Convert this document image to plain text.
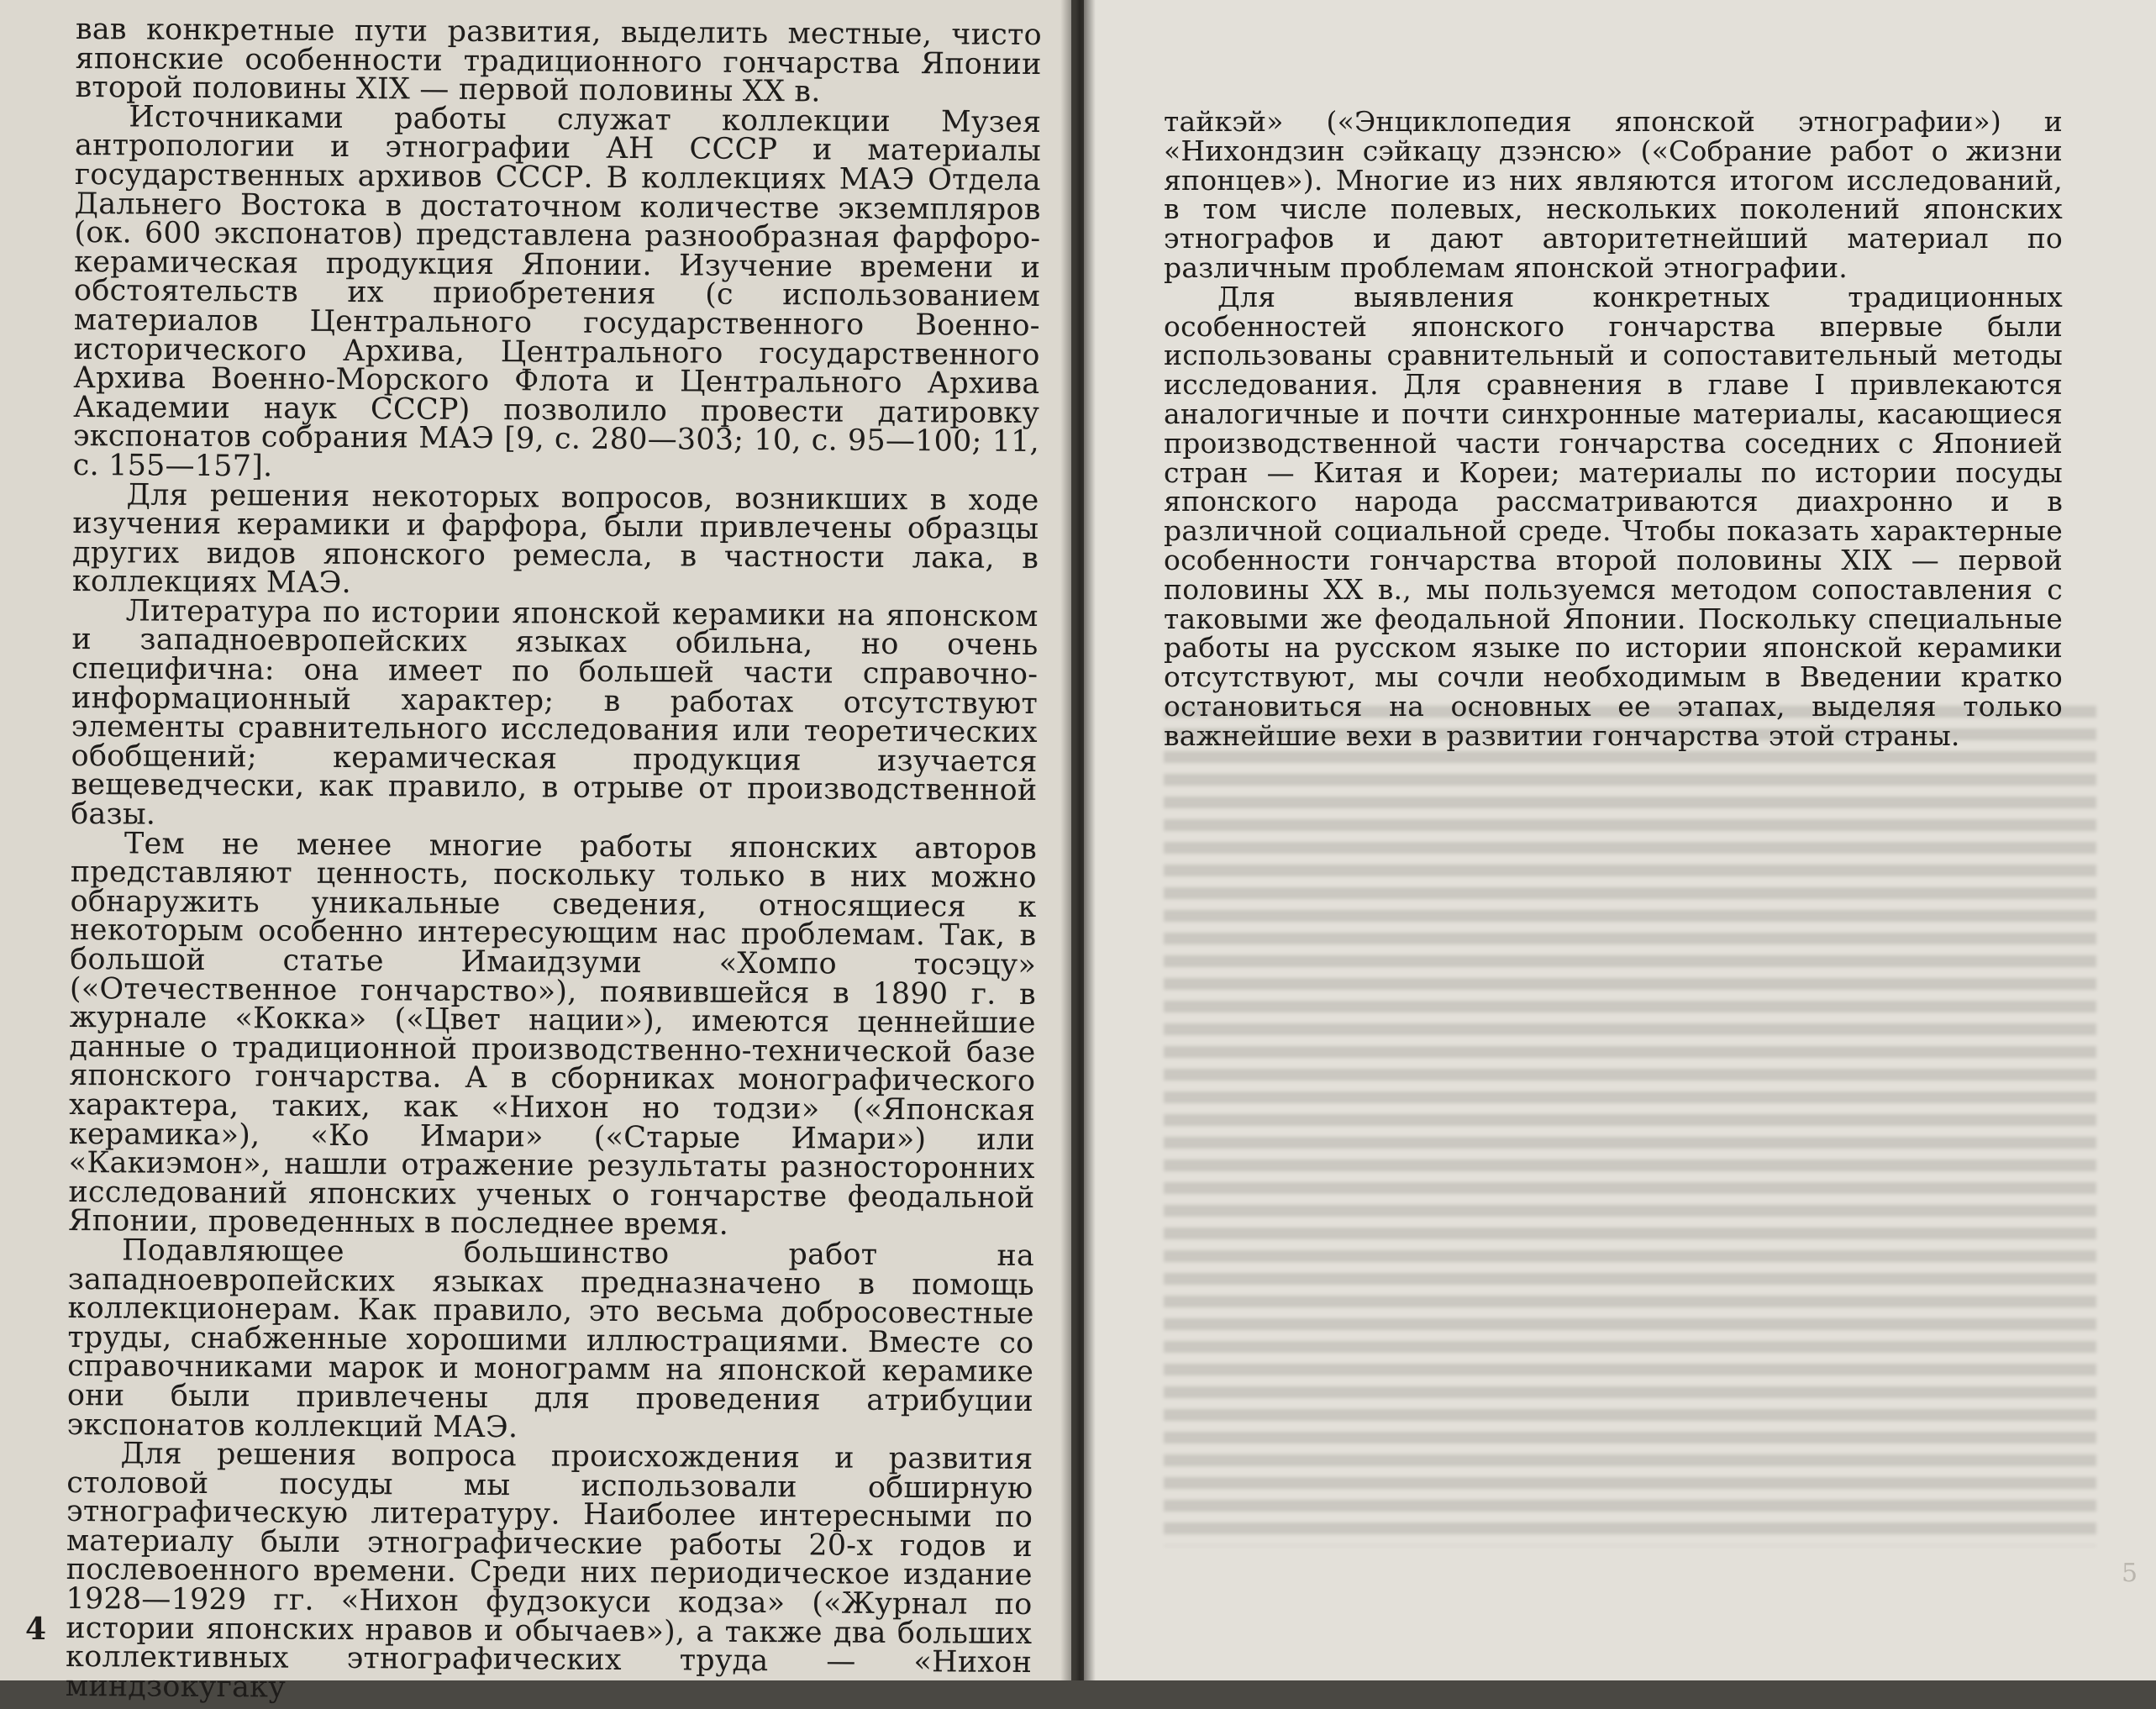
вав конкретные пути развития, выделить местные, чисто японские особенности традиционного гончарства Японии второй половины XIX — первой половины XX в.

Источниками работы служат коллекции Музея антропологии и этнографии АН СССР и материалы государственных архивов СССР. В коллекциях МАЭ Отдела Дальнего Востока в достаточном количестве экземпляров (ок. 600 экспонатов) представлена разнообразная фарфоро-керамическая продукция Японии. Изучение времени и обстоятельств их приобретения (с использованием материалов Центрального государственного Военно-исторического Архива, Центрального государственного Архива Военно-Морского Флота и Центрального Архива Академии наук СССР) позволило провести датировку экспонатов собрания МАЭ [9, с. 280—303; 10, с. 95—100; 11, с. 155—157].

Для решения некоторых вопросов, возникших в ходе изучения керамики и фарфора, были привлечены образцы других видов японского ремесла, в частности лака, в коллекциях МАЭ.

Литература по истории японской керамики на японском и западноевропейских языках обильна, но очень специфична: она имеет по большей части справочно-информационный характер; в работах отсутствуют элементы сравнительного исследования или теоретических обобщений; керамическая продукция изучается вещеведчески, как правило, в отрыве от производственной базы.

Тем не менее многие работы японских авторов представляют ценность, поскольку только в них можно обнаружить уникальные сведения, относящиеся к некоторым особенно интересующим нас проблемам. Так, в большой статье Имаидзуми «Хомпо тосэцу» («Отечественное гончарство»), появившейся в 1890 г. в журнале «Кокка» («Цвет нации»), имеются ценнейшие данные о традиционной производственно-технической базе японского гончарства. А в сборниках монографического характера, таких, как «Нихон но тодзи» («Японская керамика»), «Ко Имари» («Старые Имари») или «Какиэмон», нашли отражение результаты разносторонних исследований японских ученых о гончарстве феодальной Японии, проведенных в последнее время.

Подавляющее большинство работ на западноевропейских языках предназначено в помощь коллекционерам. Как правило, это весьма добросовестные труды, снабженные хорошими иллюстрациями. Вместе со справочниками марок и монограмм на японской керамике они были привлечены для проведения атрибуции экспонатов коллекций МАЭ.

Для решения вопроса происхождения и развития столовой посуды мы использовали обширную этнографическую литературу. Наиболее интересными по материалу были этнографические работы 20-х годов и послевоенного времени. Среди них периодическое издание 1928—1929 гг. «Нихон фудзокуси кодза» («Журнал по истории японских нравов и обычаев»), а также два больших коллективных этнографических труда — «Нихон миндзокугаку

4

тайкэй» («Энциклопедия японской этнографии») и «Нихондзин сэйкацу дзэнсю» («Собрание работ о жизни японцев»). Многие из них являются итогом исследований, в том числе полевых, нескольких поколений японских этнографов и дают авторитетнейший материал по различным проблемам японской этнографии.

Для выявления конкретных традиционных особенностей японского гончарства впервые были использованы сравнительный и сопоставительный методы исследования. Для сравнения в главе I привлекаются аналогичные и почти синхронные материалы, касающиеся производственной части гончарства соседних с Японией стран — Китая и Кореи; материалы по истории посуды японского народа рассматриваются диахронно и в различной социальной среде. Чтобы показать характерные особенности гончарства второй половины XIX — первой половины XX в., мы пользуемся методом сопоставления с таковыми же феодальной Японии. Поскольку специальные работы на русском языке по истории японской керамики отсутствуют, мы сочли необходимым в Введении кратко остановиться на основных ее этапах, выделяя только важнейшие вехи в развитии гончарства этой страны.

5
